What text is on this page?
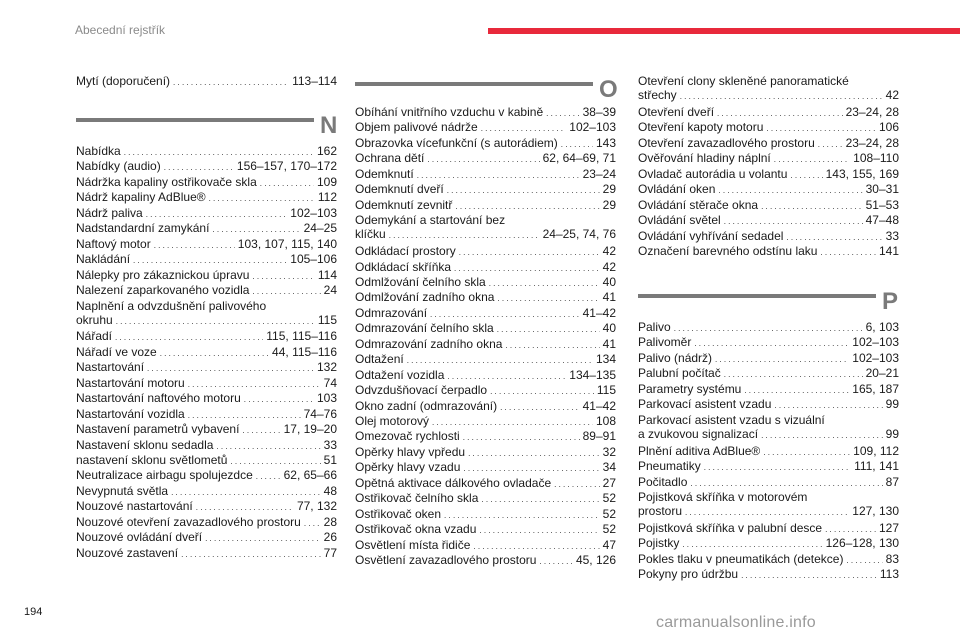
Abecední rejstřík
Mytí (doporučení) . . .	113–114
N
Nabídka . . .	162
Nabídky (audio) . . .	156–157, 170–172
Nádržka kapaliny ostřikovače skla . . .	109
Nádrž kapaliny AdBlue® . . .	112
Nádrž paliva . . .	102–103
Nadstandardní zamykání . . .	24–25
Naftový motor . . .	103, 107, 115, 140
Nakládání . . .	105–106
Nálepky pro zákaznickou úpravu . . .	114
Nalezení zaparkovaného vozidla . . .	24
Naplnění a odvzdušnění palivového
okruhu . . .	115
Nářadí . . .	115, 115–116
Nářadí ve voze . . .	44, 115–116
Nastartování . . .	132
Nastartování motoru . . .	74
Nastartování naftového motoru . . .	103
Nastartování vozidla . . .	74–76
Nastavení parametrů vybavení . . .	17, 19–20
Nastavení sklonu sedadla . . .	33
nastavení sklonu světlometů . . .	51
Neutralizace airbagu spolujezdce . . .	62, 65–66
Nevypnutá světla . . .	48
Nouzové nastartování . . .	77, 132
Nouzové otevření zavazadlového prostoru . . . 28
Nouzové ovládání dveří . . .	26
Nouzové zastavení . . .	77
O
Obíhání vnitřního vzduchu v kabině . . .	38–39
Objem palivové nádrže . . .	102–103
Obrazovka vícefunkční (s autorádiem) . . .	143
Ochrana dětí . . .	62, 64–69, 71
Odemknutí . . .	23–24
Odemknutí dveří . . .	29
Odemknutí zevnitř . . .	29
Odemykání a startování bez
klíčku . . .	24–25, 74, 76
Odkládací prostory . . .	42
Odkládací skříňka . . .	42
Odmlžování čelního skla . . .	40
Odmlžování zadního okna . . .	41
Odmrazování . . .	41–42
Odmrazování čelního skla . . .	40
Odmrazování zadního okna . . .	41
Odtažení . . .	134
Odtažení vozidla . . .	134–135
Odvzdušňovací čerpadlo . . .	115
Okno zadní (odmrazování) . . .	41–42
Olej motorový . . .	108
Omezovač rychlosti . . .	89–91
Opěrky hlavy vpředu . . .	32
Opěrky hlavy vzadu . . .	34
Opětná aktivace dálkového ovladače . . .	27
Ostřikovač čelního skla . . .	52
Ostřikovač oken . . .	52
Ostřikovač okna vzadu . . .	52
Osvětlení místa řidiče . . .	47
Osvětlení zavazadlového prostoru . . .	45, 126
Otevření clony skleněné panoramatické
střechy . . .	42
Otevření dveří . . .	23–24, 28
Otevření kapoty motoru . . .	106
Otevření zavazadlového prostoru . . .	23–24, 28
Ověřování hladiny náplní . . .	108–110
Ovladač autorádia u volantu . . .	143, 155, 169
Ovládání oken . . .	30–31
Ovládání stěrače okna . . .	51–53
Ovládání světel . . .	47–48
Ovládání vyhřívání sedadel . . .	33
Označení barevného odstínu laku . . .	141
P
Palivo . . .	6, 103
Palivoměr . . .	102–103
Palivo (nádrž) . . .	102–103
Palubní počítač . . .	20–21
Parametry systému . . .	165, 187
Parkovací asistent vzadu . . .	99
Parkovací asistent vzadu s vizuální
a zvukovou signalizací . . .	99
Plnění aditiva AdBlue® . . .	109, 112
Pneumatiky . . .	111, 141
Počitadlo . . .	87
Pojistková skříňka v motorovém
prostoru . . .	127, 130
Pojistková skříňka v palubní desce . . .	127
Pojistky . . .	126–128, 130
Pokles tlaku v pneumatikách (detekce) . . .	83
Pokyny pro údržbu . . .	113
194
carmanualsonline.info
